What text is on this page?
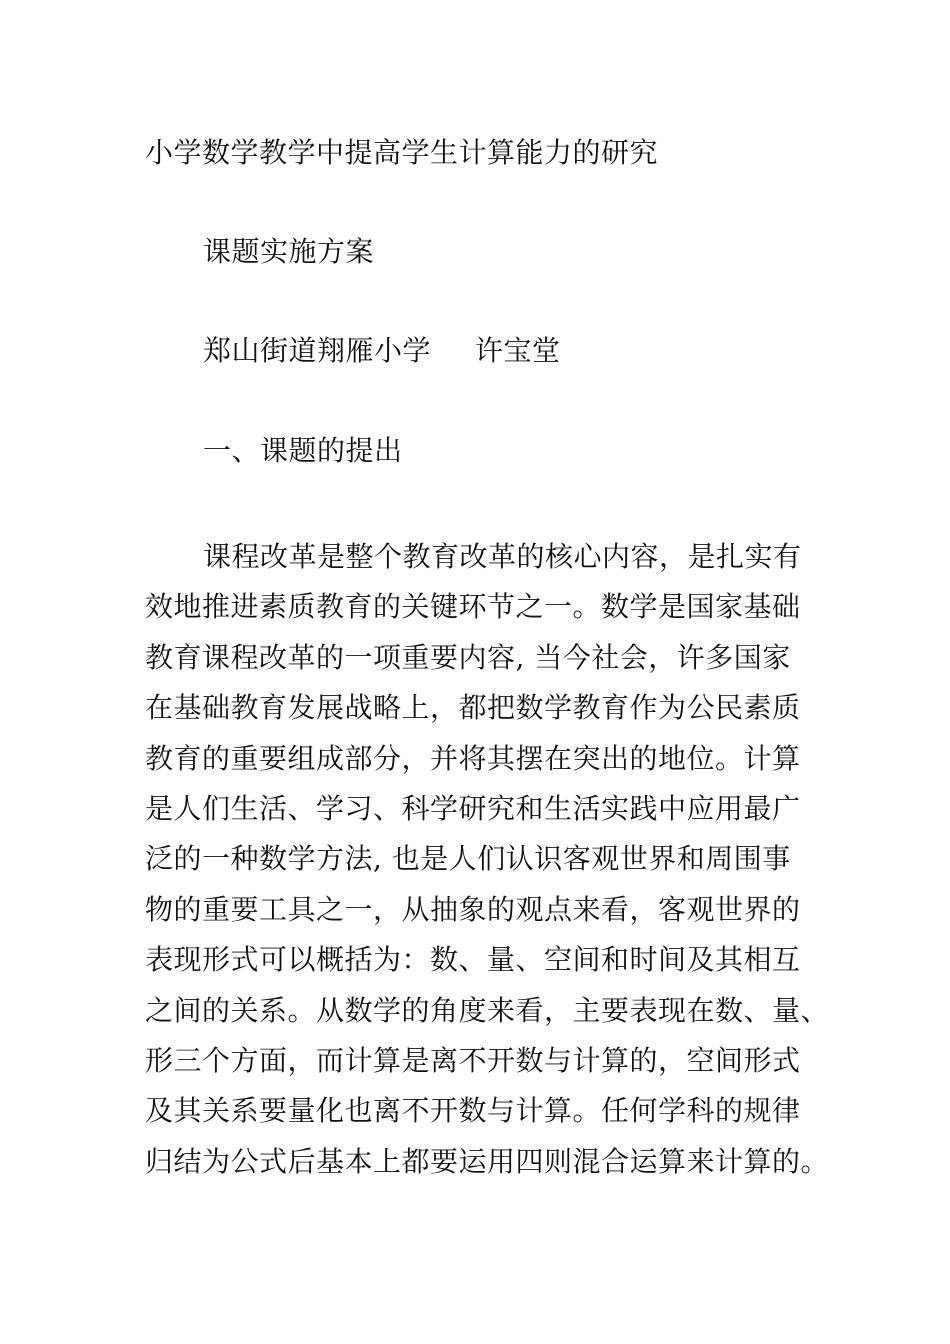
小学数学教学中提高学生计算能力的研究
课题实施方案
郑山街道翔雁小学 许宝堂
一、课题的提出
课程改革是整个教育改革的核心内容，是扎实有
效地推进素质教育的关键环节之一。数学是国家基础
教育课程改革的一项重要内容, 当今社会，许多国家
在基础教育发展战略上，都把数学教育作为公民素质
教育的重要组成部分，并将其摆在突出的地位。计算
是人们生活、学习、科学研究和生活实践中应用最广
泛的一种数学方法, 也是人们认识客观世界和周围事
物的重要工具之一，从抽象的观点来看，客观世界的
表现形式可以概括为：数、量、空间和时间及其相互
之间的关系。从数学的角度来看，主要表现在数、量、
形三个方面，而计算是离不开数与计算的，空间形式
及其关系要量化也离不开数与计算。任何学科的规律
归结为公式后基本上都要运用四则混合运算来计算的。
